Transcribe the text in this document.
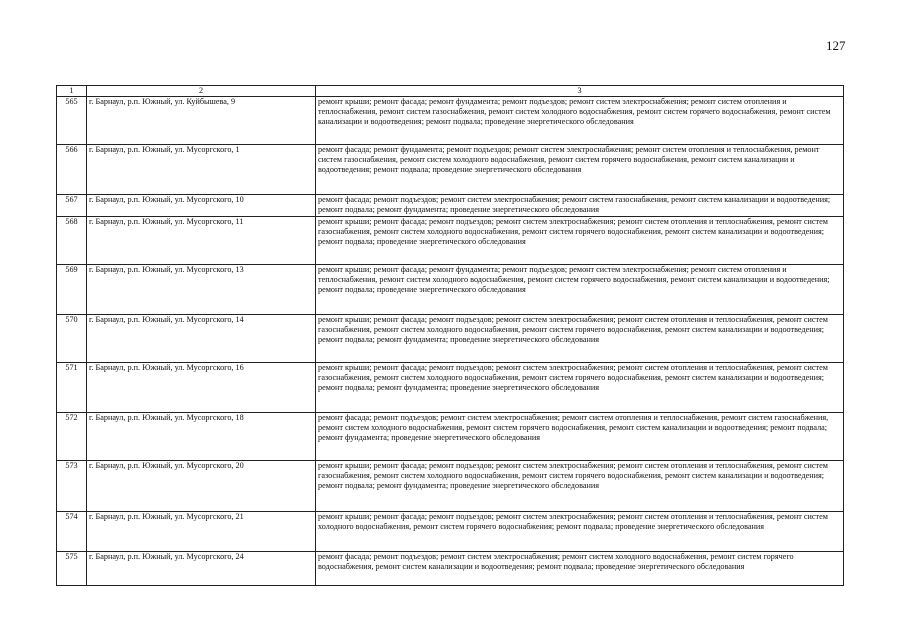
127
1	2	3
565	г. Барнаул, р.п. Южный, ул. Куйбышева, 9	ремонт крыши; ремонт фасада; ремонт фундамента; ремонт подъездов; ремонт систем электроснабжения; ремонт систем отопления и теплоснабжения, ремонт систем газоснабжения, ремонт систем холодного водоснабжения, ремонт систем горячего водоснабжения, ремонт систем канализации и водоотведения; ремонт подвала; проведение энергетического обследования
566	г. Барнаул, р.п. Южный, ул. Мусоргского, 1	ремонт фасада; ремонт фундамента; ремонт подъездов; ремонт систем электроснабжения; ремонт систем отопления и теплоснабжения, ремонт систем газоснабжения, ремонт систем холодного водоснабжения, ремонт систем горячего водоснабжения, ремонт систем канализации и водоотведения; ремонт подвала; проведение энергетического обследования
567	г. Барнаул, р.п. Южный, ул. Мусоргского, 10	ремонт фасада; ремонт подъездов; ремонт систем электроснабжения; ремонт систем газоснабжения, ремонт систем канализации и водоотведения; ремонт подвала; ремонт фундамента; проведение энергетического обследования
568	г. Барнаул, р.п. Южный, ул. Мусоргского, 11	ремонт крыши; ремонт фасада; ремонт подъездов; ремонт систем электроснабжения; ремонт систем отопления и теплоснабжения, ремонт систем газоснабжения, ремонт систем холодного водоснабжения, ремонт систем горячего водоснабжения, ремонт систем канализации и водоотведения; ремонт подвала; проведение энергетического обследования
569	г. Барнаул, р.п. Южный, ул. Мусоргского, 13	ремонт крыши; ремонт фасада; ремонт фундамента; ремонт подъездов; ремонт систем электроснабжения; ремонт систем отопления и теплоснабжения, ремонт систем холодного водоснабжения, ремонт систем горячего водоснабжения, ремонт систем канализации и водоотведения; ремонт подвала; проведение энергетического обследования
570	г. Барнаул, р.п. Южный, ул. Мусоргского, 14	ремонт крыши; ремонт фасада; ремонт подъездов; ремонт систем электроснабжения; ремонт систем отопления и теплоснабжения, ремонт систем газоснабжения, ремонт систем холодного водоснабжения, ремонт систем горячего водоснабжения, ремонт систем канализации и водоотведения; ремонт подвала; ремонт фундамента; проведение энергетического обследования
571	г. Барнаул, р.п. Южный, ул. Мусоргского, 16	ремонт крыши; ремонт фасада; ремонт подъездов; ремонт систем электроснабжения; ремонт систем отопления и теплоснабжения, ремонт систем газоснабжения, ремонт систем холодного водоснабжения, ремонт систем горячего водоснабжения, ремонт систем канализации и водоотведения; ремонт подвала; ремонт фундамента; проведение энергетического обследования
572	г. Барнаул, р.п. Южный, ул. Мусоргского, 18	ремонт фасада; ремонт подъездов; ремонт систем электроснабжения; ремонт систем отопления и теплоснабжения, ремонт систем газоснабжения, ремонт систем холодного водоснабжения, ремонт систем горячего водоснабжения, ремонт систем канализации и водоотведения; ремонт подвала; ремонт фундамента; проведение энергетического обследования
573	г. Барнаул, р.п. Южный, ул. Мусоргского, 20	ремонт крыши; ремонт фасада; ремонт подъездов; ремонт систем электроснабжения; ремонт систем отопления и теплоснабжения, ремонт систем газоснабжения, ремонт систем холодного водоснабжения, ремонт систем горячего водоснабжения, ремонт систем канализации и водоотведения; ремонт подвала; ремонт фундамента; проведение энергетического обследования
574	г. Барнаул, р.п. Южный, ул. Мусоргского, 21	ремонт крыши; ремонт фасада; ремонт подъездов; ремонт систем электроснабжения; ремонт систем отопления и теплоснабжения, ремонт систем холодного водоснабжения, ремонт систем горячего водоснабжения; ремонт подвала; проведение энергетического обследования
575	г. Барнаул, р.п. Южный, ул. Мусоргского, 24	ремонт фасада; ремонт подъездов; ремонт систем электроснабжения; ремонт систем холодного водоснабжения, ремонт систем горячего водоснабжения, ремонт систем канализации и водоотведения; ремонт подвала; проведение энергетического обследования
